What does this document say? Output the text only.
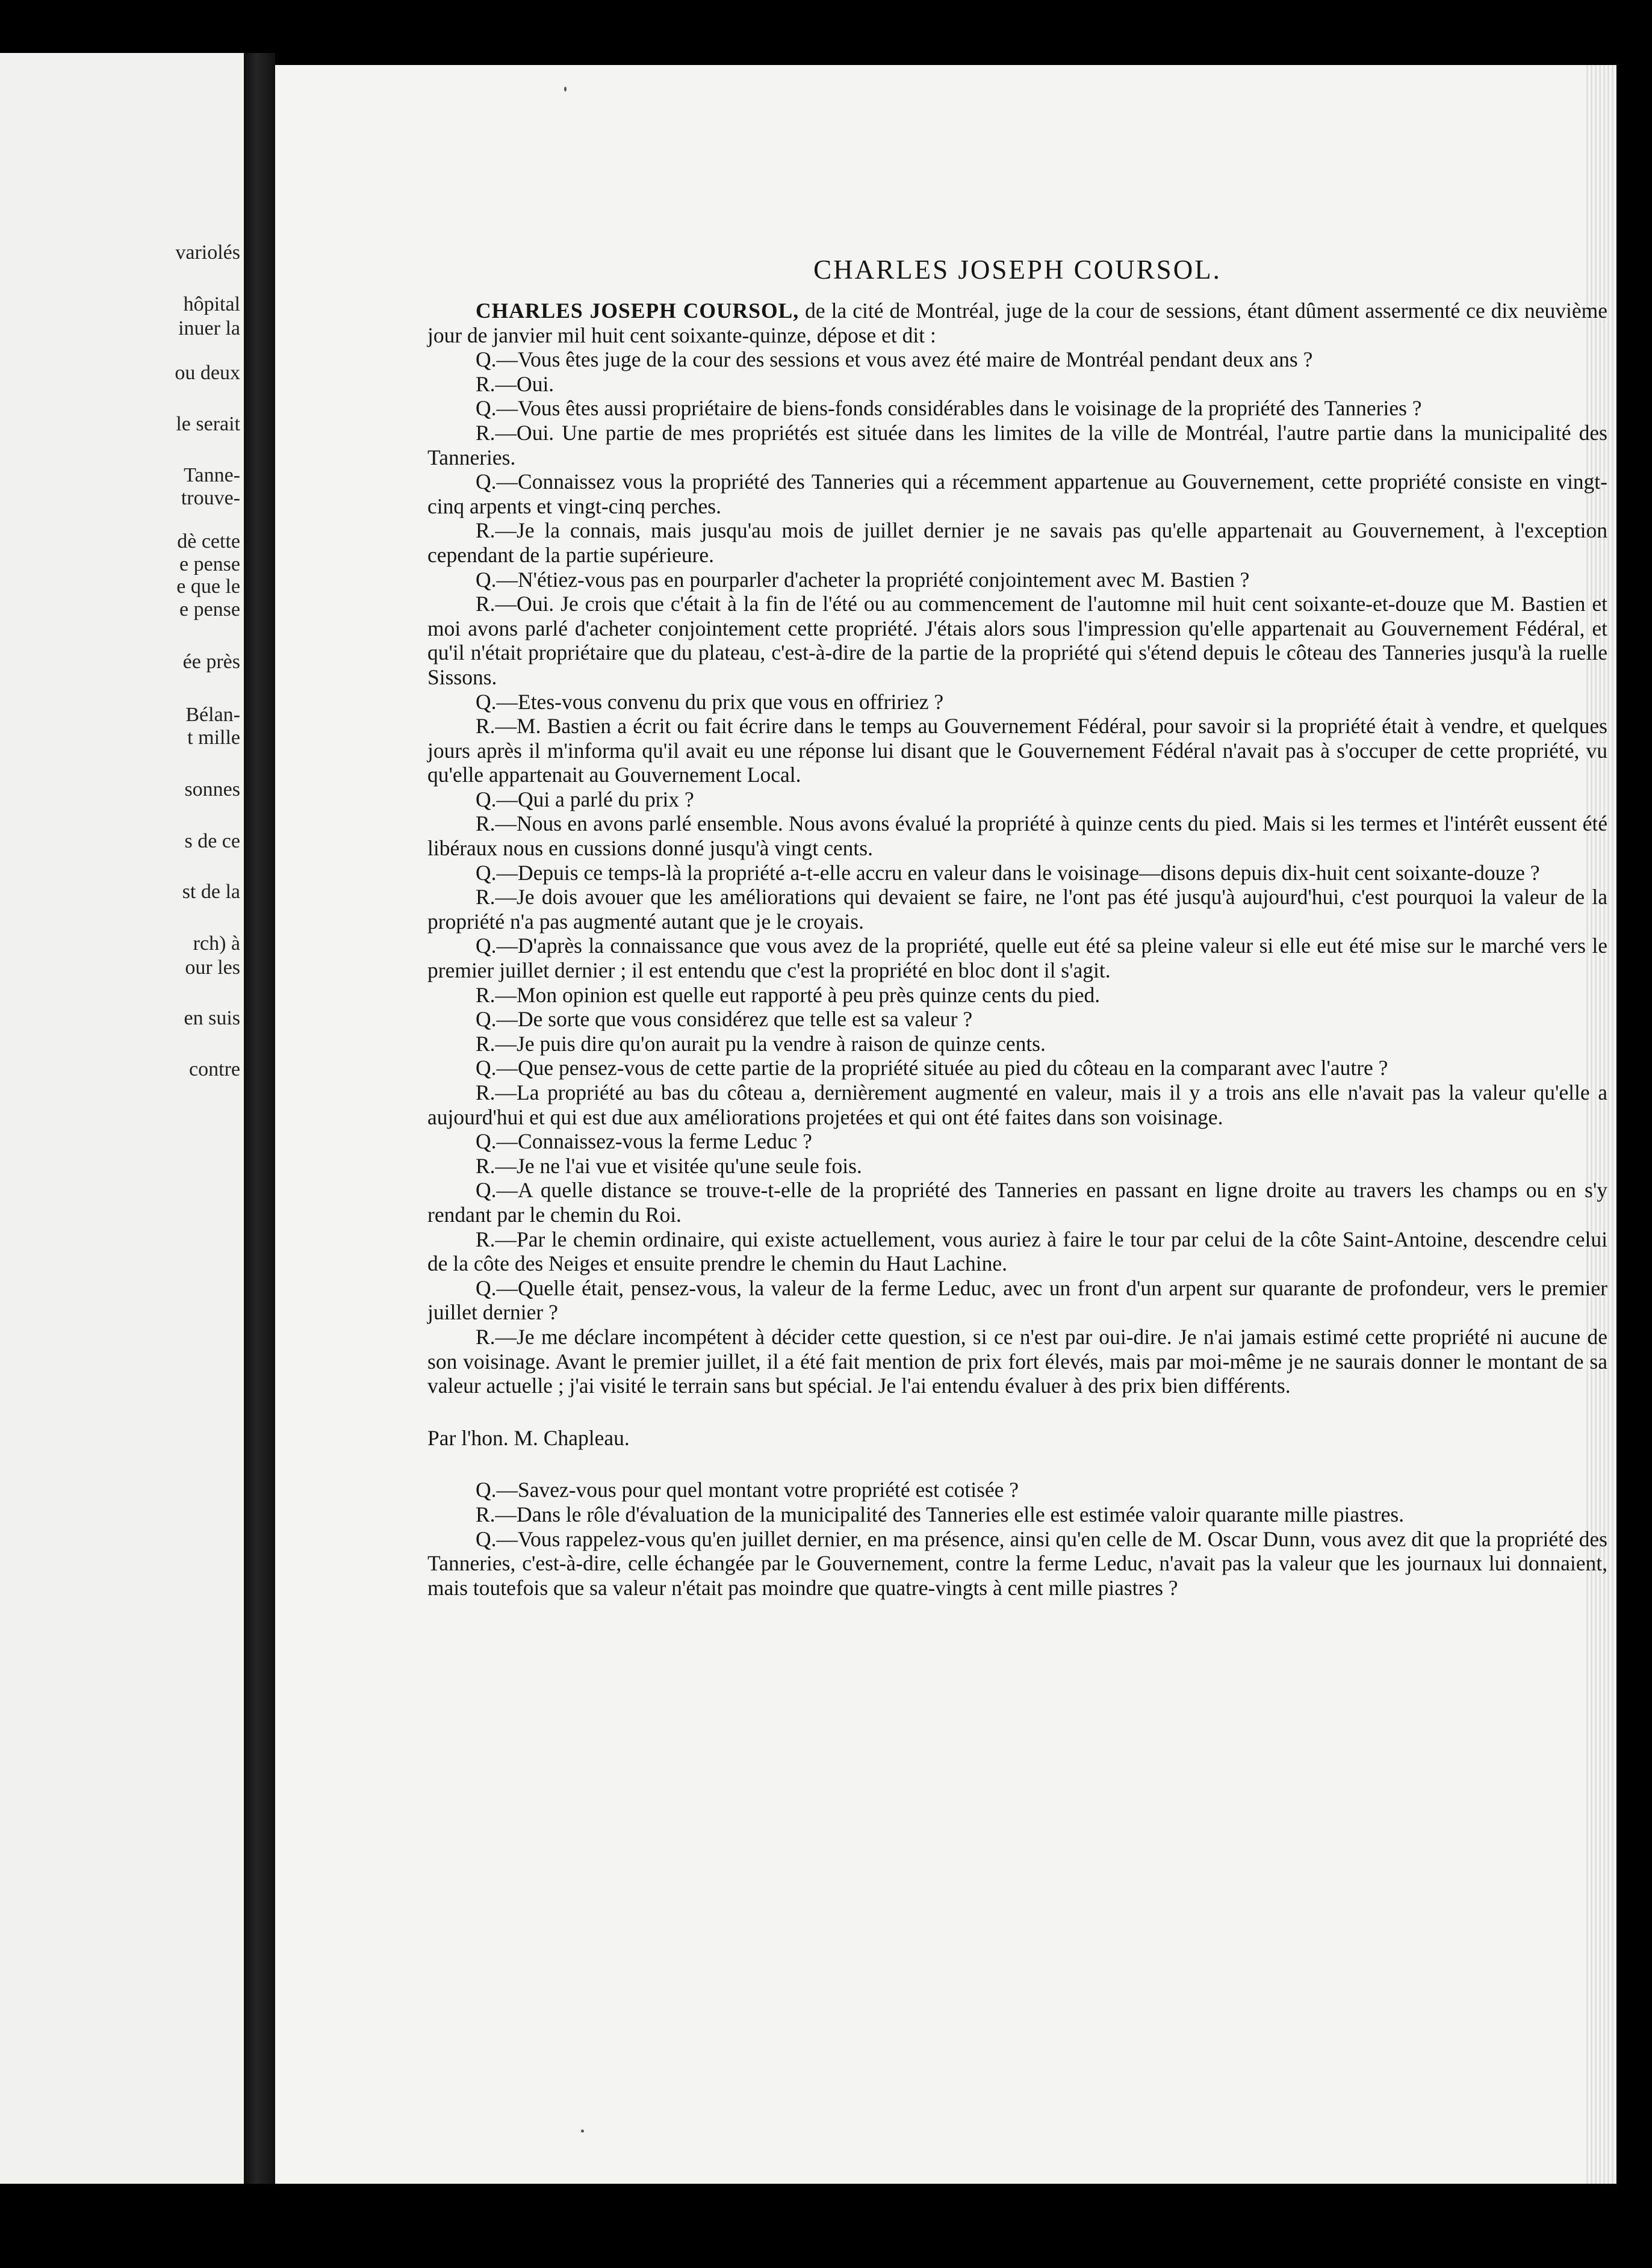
variolés
hôpital
inuer la
ou deux
le serait
Tanne-
trouve-
dè cette
e pense
e que le
e pense
ée près
Bélan-
t mille
sonnes
s de ce
st de la
rch) à
our les
en suis
contre
CHARLES JOSEPH COURSOL.

CHARLES JOSEPH COURSOL, de la cité de Montréal, juge de la cour de sessions, étant dûment assermenté ce dix neuvième jour de janvier mil huit cent soixante-quinze, dépose et dit :

Q.—Vous êtes juge de la cour des sessions et vous avez été maire de Montréal pendant deux ans ?

R.—Oui.

Q.—Vous êtes aussi propriétaire de biens-fonds considérables dans le voisinage de la propriété des Tanneries ?

R.—Oui. Une partie de mes propriétés est située dans les limites de la ville de Montréal, l'autre partie dans la municipalité des Tanneries.

Q.—Connaissez vous la propriété des Tanneries qui a récemment appartenue au Gouvernement, cette propriété consiste en vingt-cinq arpents et vingt-cinq perches.

R.—Je la connais, mais jusqu'au mois de juillet dernier je ne savais pas qu'elle appartenait au Gouvernement, à l'exception cependant de la partie supérieure.

Q.—N'étiez-vous pas en pourparler d'acheter la propriété conjointement avec M. Bastien ?

R.—Oui. Je crois que c'était à la fin de l'été ou au commencement de l'automne mil huit cent soixante-et-douze que M. Bastien et moi avons parlé d'acheter conjointement cette propriété. J'étais alors sous l'impression qu'elle appartenait au Gouvernement Fédéral, et qu'il n'était propriétaire que du plateau, c'est-à-dire de la partie de la propriété qui s'étend depuis le côteau des Tanneries jusqu'à la ruelle Sissons.

Q.—Etes-vous convenu du prix que vous en offririez ?

R.—M. Bastien a écrit ou fait écrire dans le temps au Gouvernement Fédéral, pour savoir si la propriété était à vendre, et quelques jours après il m'informa qu'il avait eu une réponse lui disant que le Gouvernement Fédéral n'avait pas à s'occuper de cette propriété, vu qu'elle appartenait au Gouvernement Local.

Q.—Qui a parlé du prix ?

R.—Nous en avons parlé ensemble. Nous avons évalué la propriété à quinze cents du pied. Mais si les termes et l'intérêt eussent été libéraux nous en cussions donné jusqu'à vingt cents.

Q.—Depuis ce temps-là la propriété a-t-elle accru en valeur dans le voisinage—disons depuis dix-huit cent soixante-douze ?

R.—Je dois avouer que les améliorations qui devaient se faire, ne l'ont pas été jusqu'à aujourd'hui, c'est pourquoi la valeur de la propriété n'a pas augmenté autant que je le croyais.

Q.—D'après la connaissance que vous avez de la propriété, quelle eut été sa pleine valeur si elle eut été mise sur le marché vers le premier juillet dernier ; il est entendu que c'est la propriété en bloc dont il s'agit.

R.—Mon opinion est quelle eut rapporté à peu près quinze cents du pied.

Q.—De sorte que vous considérez que telle est sa valeur ?

R.—Je puis dire qu'on aurait pu la vendre à raison de quinze cents.

Q.—Que pensez-vous de cette partie de la propriété située au pied du côteau en la comparant avec l'autre ?

R.—La propriété au bas du côteau a, dernièrement augmenté en valeur, mais il y a trois ans elle n'avait pas la valeur qu'elle a aujourd'hui et qui est due aux améliorations projetées et qui ont été faites dans son voisinage.

Q.—Connaissez-vous la ferme Leduc ?

R.—Je ne l'ai vue et visitée qu'une seule fois.

Q.—A quelle distance se trouve-t-elle de la propriété des Tanneries en passant en ligne droite au travers les champs ou en s'y rendant par le chemin du Roi.

R.—Par le chemin ordinaire, qui existe actuellement, vous auriez à faire le tour par celui de la côte Saint-Antoine, descendre celui de la côte des Neiges et ensuite prendre le chemin du Haut Lachine.

Q.—Quelle était, pensez-vous, la valeur de la ferme Leduc, avec un front d'un arpent sur quarante de profondeur, vers le premier juillet dernier ?

R.—Je me déclare incompétent à décider cette question, si ce n'est par oui-dire. Je n'ai jamais estimé cette propriété ni aucune de son voisinage. Avant le premier juillet, il a été fait mention de prix fort élevés, mais par moi-même je ne saurais donner le montant de sa valeur actuelle ; j'ai visité le terrain sans but spécial. Je l'ai entendu évaluer à des prix bien différents.

Par l'hon. M. Chapleau.

Q.—Savez-vous pour quel montant votre propriété est cotisée ?

R.—Dans le rôle d'évaluation de la municipalité des Tanneries elle est estimée valoir quarante mille piastres.

Q.—Vous rappelez-vous qu'en juillet dernier, en ma présence, ainsi qu'en celle de M. Oscar Dunn, vous avez dit que la propriété des Tanneries, c'est-à-dire, celle échangée par le Gouvernement, contre la ferme Leduc, n'avait pas la valeur que les journaux lui donnaient, mais toutefois que sa valeur n'était pas moindre que quatre-vingts à cent mille piastres ?
